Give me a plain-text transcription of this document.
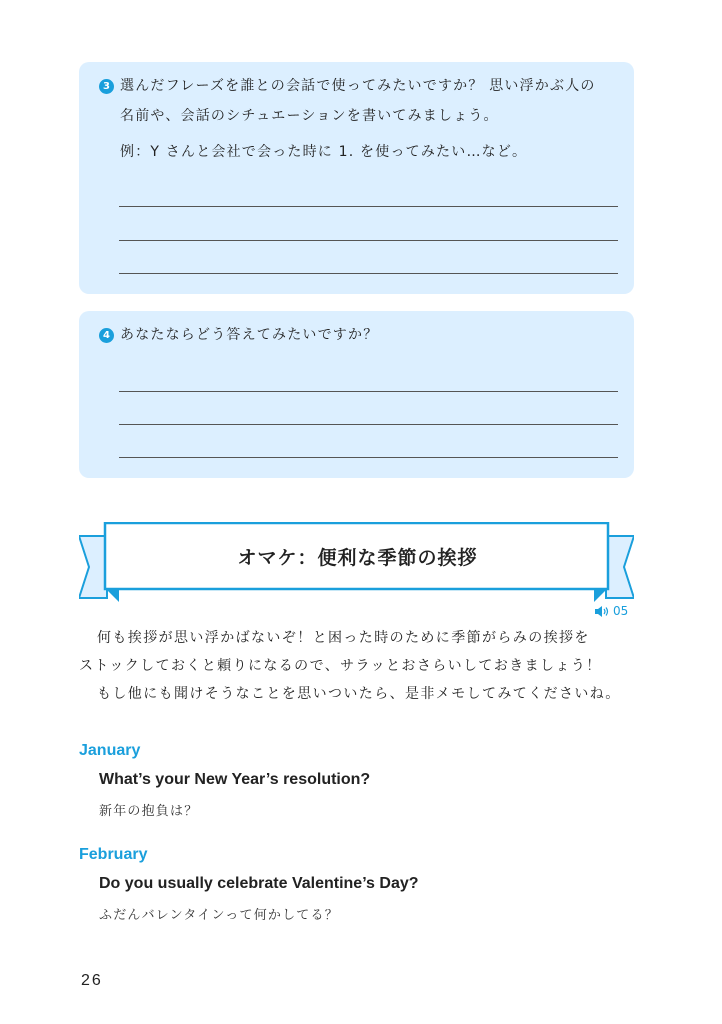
3 選んだフレーズを誰との会話で使ってみたいですか？ 思い浮かぶ人の
名前や、会話のシチュエーションを書いてみましょう。
例：Y さんと会社で会った時に 1. を使ってみたい…など。
4 あなたならどう答えてみたいですか？
オマケ：便利な季節の挨拶
05
何も挨拶が思い浮かばないぞ！と困った時のために季節がらみの挨拶を
ストックしておくと頼りになるので、サラッとおさらいしておきましょう！
もし他にも聞けそうなことを思いついたら、是非メモしてみてくださいね。
January
What’s your New Year’s resolution?
新年の抱負は？
February
Do you usually celebrate Valentine’s Day?
ふだんバレンタインって何かしてる？
26
